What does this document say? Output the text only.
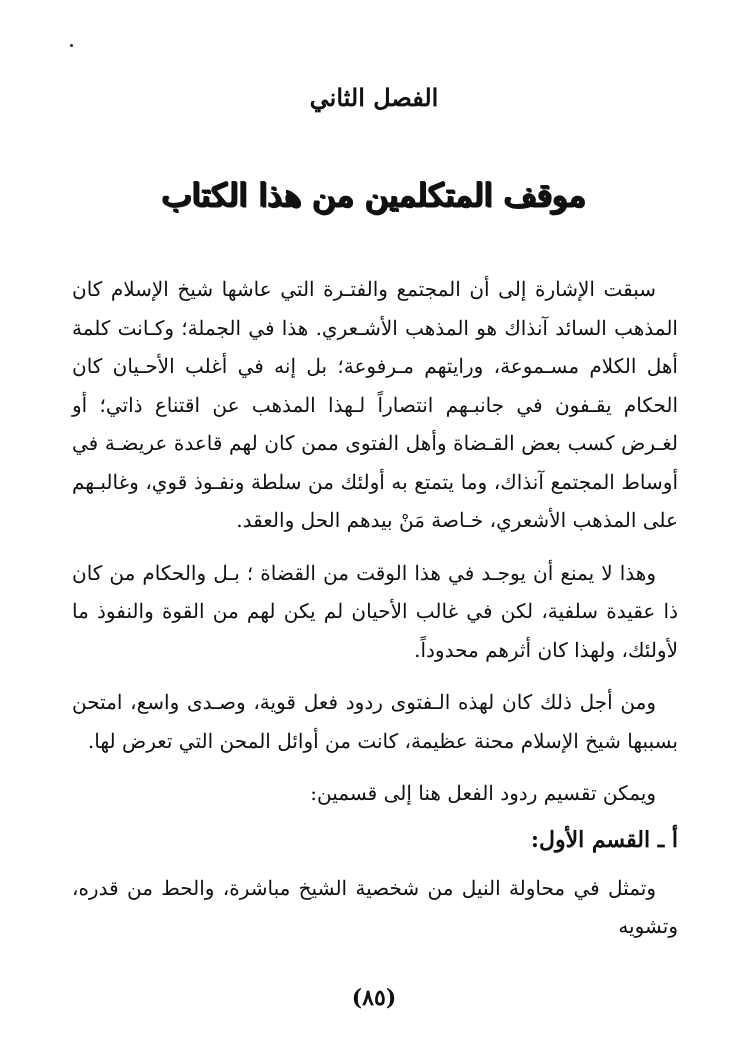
الفصل الثاني
موقف المتكلمين من هذا الكتاب

سبقت الإشارة إلى أن المجتمع والفتـرة التي عاشها شيخ الإسلام كان المذهب السائد آنذاك هو المذهب الأشـعري. هذا في الجملة؛ وكـانت كلمة أهل الكلام مسـموعة، ورايتهم مـرفوعة؛ بل إنه في أغلب الأحـيان كان الحكام يقـفون في جانبـهم انتصاراً لـهذا المذهب عن اقتناع ذاتي؛ أو لغـرض كسب بعض القـضاة وأهل الفتوى ممن كان لهم قاعدة عريضـة في أوساط المجتمع آنذاك، وما يتمتع به أولئك من سلطة ونفـوذ قوي، وغالبـهم على المذهب الأشعري، خـاصة مَنْ بيدهم الحل والعقد.

وهذا لا يمنع أن يوجـد في هذا الوقت من القضاة ؛ بـل والحكام من كان ذا عقيدة سلفية، لكن في غالب الأحيان لم يكن لهم من القوة والنفوذ ما لأولئك، ولهذا كان أثرهم محدوداً.

ومن أجل ذلك كان لهذه الـفتوى ردود فعل قوية، وصـدى واسع، امتحن بسببها شيخ الإسلام محنة عظيمة، كانت من أوائل المحن التي تعرض لها.

ويمكن تقسيم ردود الفعل هنا إلى قسمين:

أ ـ القسم الأول:

وتمثل في محاولة النيل من شخصية الشيخ مباشرة، والحط من قدره، وتشويه

(٨٥)
